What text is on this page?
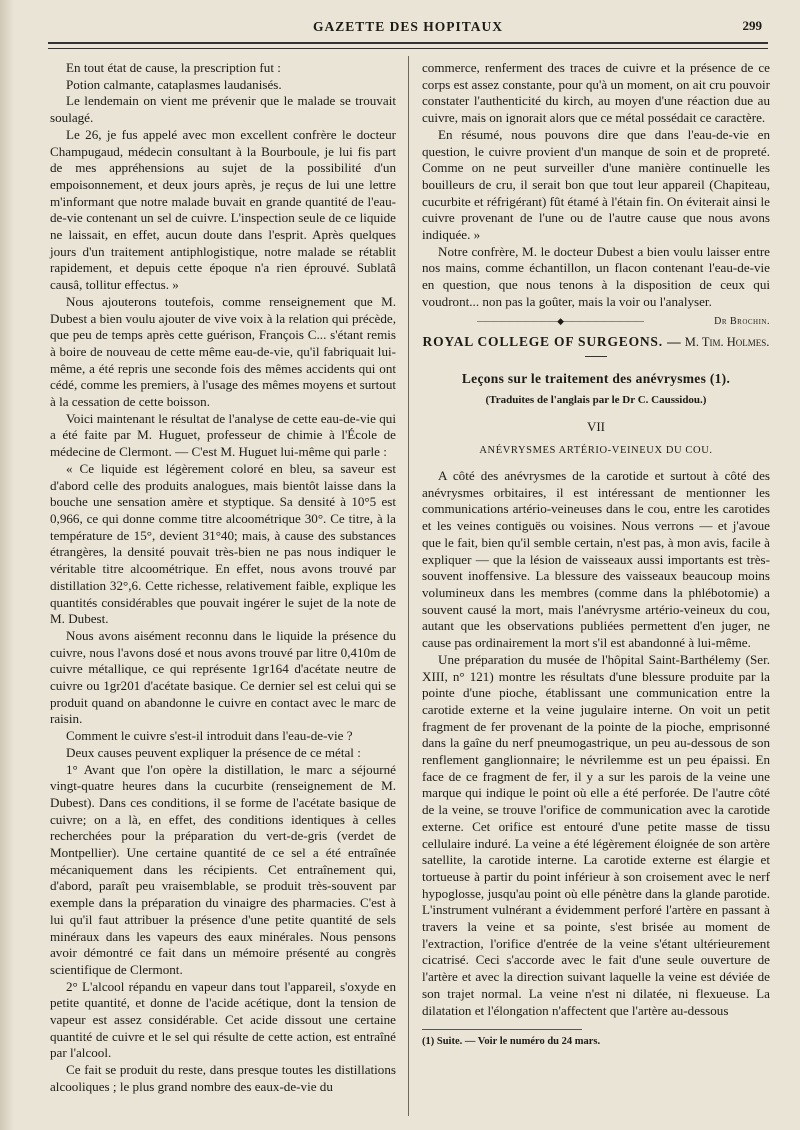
GAZETTE DES HOPITAUX	299

En tout état de cause, la prescription fut :

Potion calmante, cataplasmes laudanisés.

Le lendemain on vient me prévenir que le malade se trouvait soulagé.

Le 26, je fus appelé avec mon excellent confrère le docteur Champugaud, médecin consultant à la Bourboule, je lui fis part de mes appréhensions au sujet de la possibilité d'un empoisonnement, et deux jours après, je reçus de lui une lettre m'informant que notre malade buvait en grande quantité de l'eau-de-vie contenant un sel de cuivre. L'inspection seule de ce liquide ne laissait, en effet, aucun doute dans l'esprit. Après quelques jours d'un traitement antiphlogistique, notre malade se rétablit rapidement, et depuis cette époque n'a rien éprouvé. Sublatâ causâ, tollitur effectus. »

Nous ajouterons toutefois, comme renseignement que M. Dubest a bien voulu ajouter de vive voix à la relation qui précède, que peu de temps après cette guérison, François C... s'étant remis à boire de nouveau de cette même eau-de-vie, qu'il fabriquait lui-même, a été repris une seconde fois des mêmes accidents qui ont cédé, comme les premiers, à l'usage des mêmes moyens et surtout à la cessation de cette boisson.

Voici maintenant le résultat de l'analyse de cette eau-de-vie qui a été faite par M. Huguet, professeur de chimie à l'École de médecine de Clermont. — C'est M. Huguet lui-même qui parle :

« Ce liquide est légèrement coloré en bleu, sa saveur est d'abord celle des produits analogues, mais bientôt laisse dans la bouche une sensation amère et styptique. Sa densité à 10°5 est 0,966, ce qui donne comme titre alcoométrique 30°. Ce titre, à la température de 15°, devient 31°40; mais, à cause des substances étrangères, la densité pouvait très-bien ne pas nous indiquer le véritable titre alcoométrique. En effet, nous avons trouvé par distillation 32°,6. Cette richesse, relativement faible, explique les quantités considérables que pouvait ingérer le sujet de la note de M. Dubest.

Nous avons aisément reconnu dans le liquide la présence du cuivre, nous l'avons dosé et nous avons trouvé par litre 0,410m de cuivre métallique, ce qui représente 1gr164 d'acétate neutre de cuivre ou 1gr201 d'acétate basique. Ce dernier sel est celui qui se produit quand on abandonne le cuivre en contact avec le marc de raisin.

Comment le cuivre s'est-il introduit dans l'eau-de-vie ?

Deux causes peuvent expliquer la présence de ce métal :

1° Avant que l'on opère la distillation, le marc a séjourné vingt-quatre heures dans la cucurbite (renseignement de M. Dubest). Dans ces conditions, il se forme de l'acétate basique de cuivre; on a là, en effet, des conditions identiques à celles recherchées pour la préparation du vert-de-gris (verdet de Montpellier). Une certaine quantité de ce sel a été entraînée mécaniquement dans les récipients. Cet entraînement qui, d'abord, paraît peu vraisemblable, se produit très-souvent par exemple dans la préparation du vinaigre des pharmacies. C'est à lui qu'il faut attribuer la présence d'une petite quantité de sels minéraux dans les vapeurs des eaux minérales. Nous pensons avoir démontré ce fait dans un mémoire présenté au congrès scientifique de Clermont.

2° L'alcool répandu en vapeur dans tout l'appareil, s'oxyde en petite quantité, et donne de l'acide acétique, dont la tension de vapeur est assez considérable. Cet acide dissout une certaine quantité de cuivre et le sel qui résulte de cette action, est entraîné par l'alcool.

Ce fait se produit du reste, dans presque toutes les distillations alcooliques ; le plus grand nombre des eaux-de-vie du

commerce, renferment des traces de cuivre et la présence de ce corps est assez constante, pour qu'à un moment, on ait cru pouvoir constater l'authenticité du kirch, au moyen d'une réaction due au cuivre, mais on ignorait alors que ce métal possédait ce caractère.

En résumé, nous pouvons dire que dans l'eau-de-vie en question, le cuivre provient d'un manque de soin et de propreté. Comme on ne peut surveiller d'une manière continuelle les bouilleurs de cru, il serait bon que tout leur appareil (Chapiteau, cucurbite et réfrigérant) fût étamé à l'étain fin. On éviterait ainsi le cuivre provenant de l'une ou de l'autre cause que nous avons indiquée. »

Notre confrère, M. le docteur Dubest a bien voulu laisser entre nos mains, comme échantillon, un flacon contenant l'eau-de-vie en question, que nous tenons à la disposition de ceux qui voudront... non pas la goûter, mais la voir ou l'analyser.
Dr Brochin.

——————————◆——————————
ROYAL COLLEGE OF SURGEONS. — M. Tim. Holmes.
Leçons sur le traitement des anévrysmes (1).
(Traduites de l'anglais par le Dr C. Caussidou.)
VII
ANÉVRYSMES ARTÉRIO-VEINEUX DU COU.

A côté des anévrysmes de la carotide et surtout à côté des anévrysmes orbitaires, il est intéressant de mentionner les communications artério-veineuses dans le cou, entre les carotides et les veines contiguës ou voisines. Nous verrons — et j'avoue que le fait, bien qu'il semble certain, n'est pas, à mon avis, facile à expliquer — que la lésion de vaisseaux aussi importants est très-souvent inoffensive. La blessure des vaisseaux beaucoup moins volumineux dans les membres (comme dans la phlébotomie) a souvent causé la mort, mais l'anévrysme artério-veineux du cou, autant que les observations publiées permettent d'en juger, ne cause pas ordinairement la mort s'il est abandonné à lui-même.

Une préparation du musée de l'hôpital Saint-Barthélemy (Ser. XIII, n° 121) montre les résultats d'une blessure produite par la pointe d'une pioche, établissant une communication entre la carotide externe et la veine jugulaire interne. On voit un petit fragment de fer provenant de la pointe de la pioche, emprisonné dans la gaîne du nerf pneumogastrique, un peu au-dessous de son renflement ganglionnaire; le névrilemme est un peu épaissi. En face de ce fragment de fer, il y a sur les parois de la veine une marque qui indique le point où elle a été perforée. De l'autre côté de la veine, se trouve l'orifice de communication avec la carotide externe. Cet orifice est entouré d'une petite masse de tissu cellulaire induré. La veine a été légèrement éloignée de son artère satellite, la carotide interne. La carotide externe est élargie et tortueuse à partir du point inférieur à son croisement avec le nerf hypoglosse, jusqu'au point où elle pénètre dans la glande parotide. L'instrument vulnérant a évidemment perforé l'artère en passant à travers la veine et sa pointe, s'est brisée au moment de l'extraction, l'orifice d'entrée de la veine s'étant ultérieurement cicatrisé. Ceci s'accorde avec le fait d'une seule ouverture de l'artère et avec la direction suivant laquelle la veine est déviée de son trajet normal. La veine n'est ni dilatée, ni flexueuse. La dilatation et l'élongation n'affectent que l'artère au-dessous

(1) Suite. — Voir le numéro du 24 mars.
